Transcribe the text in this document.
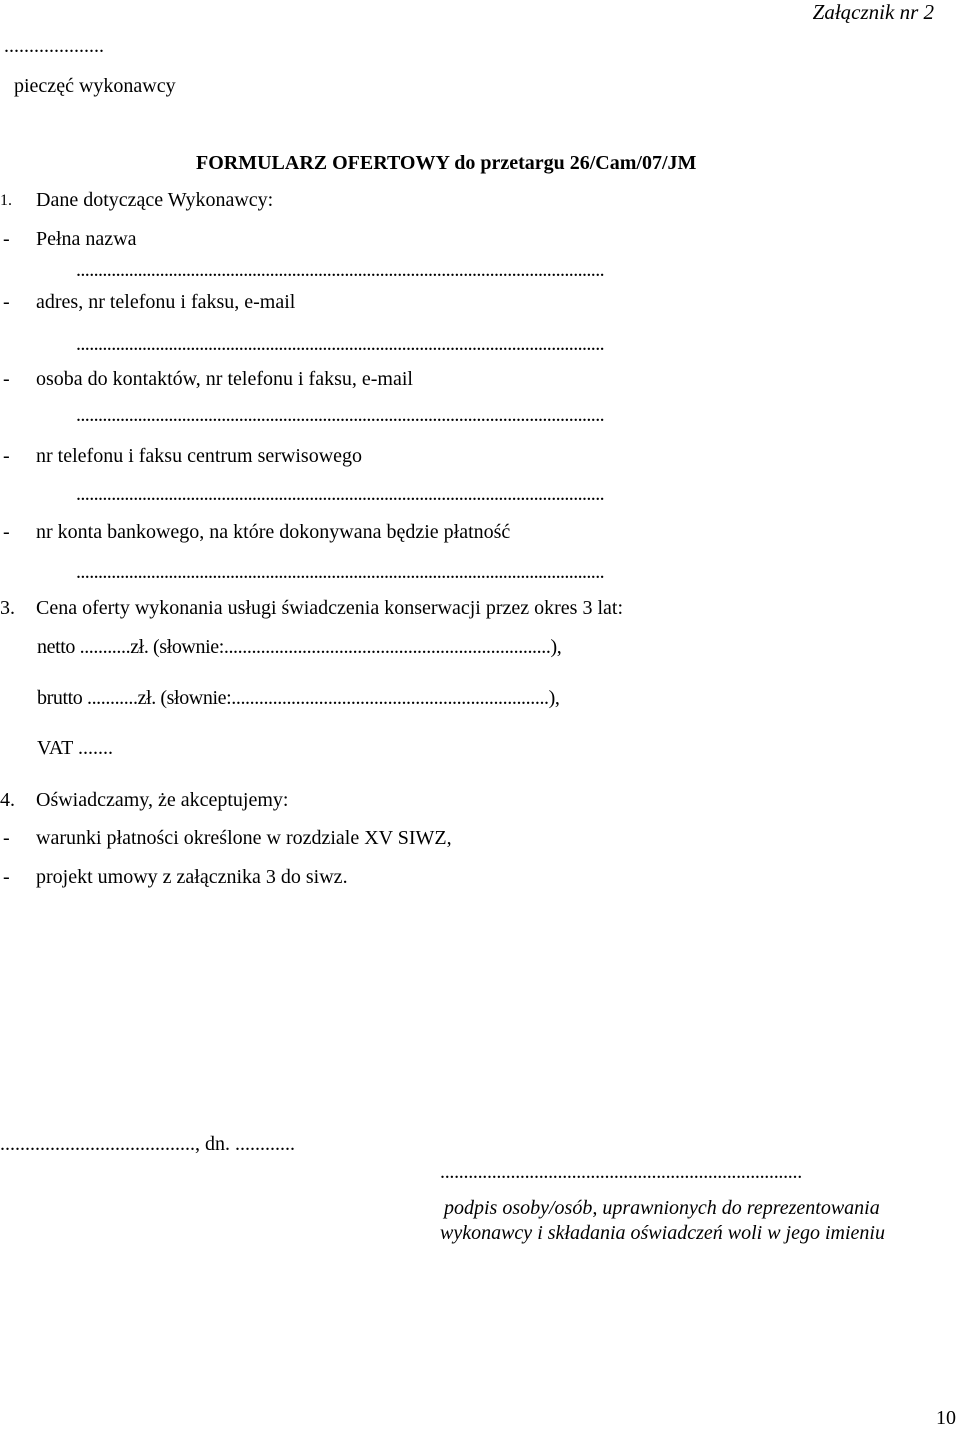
Załącznik nr 2
....................
pieczęć wykonawcy
FORMULARZ OFERTOWY do przetargu 26/Cam/07/JM
1. Dane dotyczące Wykonawcy:
- Pełna nazwa
........................................................................................................................
- adres, nr telefonu i faksu, e-mail
........................................................................................................................
- osoba do kontaktów, nr telefonu i faksu, e-mail
........................................................................................................................
- nr telefonu i faksu centrum serwisowego
........................................................................................................................
- nr konta bankowego, na które dokonywana będzie płatność
........................................................................................................................
3. Cena oferty wykonania usługi świadczenia konserwacji przez okres 3 lat:
netto ...........zł. (słownie:.......................................................................),
brutto ...........zł. (słownie:.....................................................................),
VAT .......
4. Oświadczamy, że akceptujemy:
- warunki płatności określone w rozdziale XV SIWZ,
- projekt umowy z załącznika 3 do siwz.
......................................., dn. ............
.............................................................................
podpis osoby/osób, uprawnionych do reprezentowania
wykonawcy i składania oświadczeń woli w jego imieniu
10
